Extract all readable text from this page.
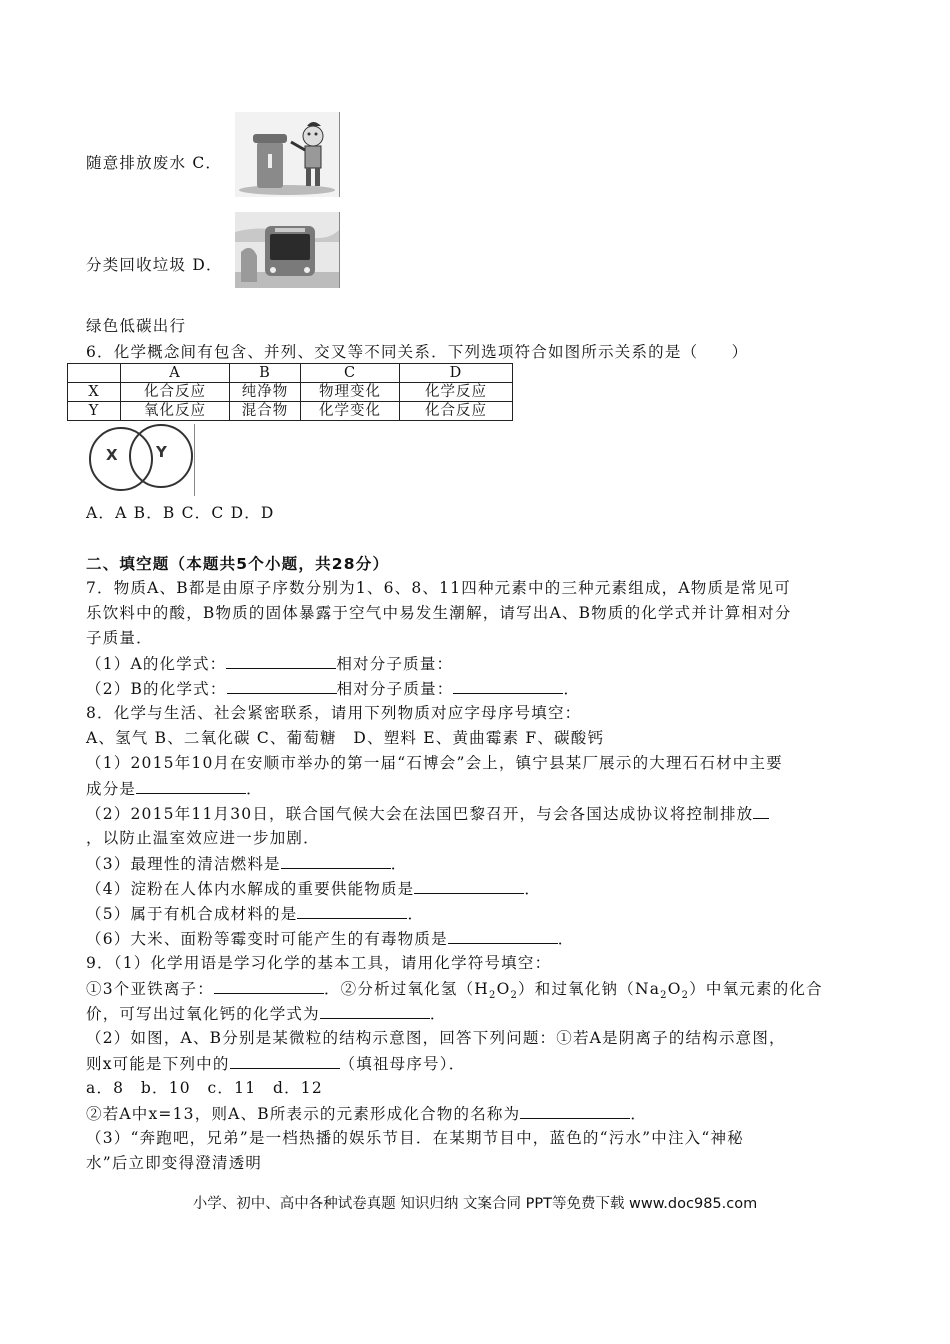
随意排放废水 C．
分类回收垃圾 D．
绿色低碳出行
6．化学概念间有包含、并列、交叉等不同关系．下列选项符合如图所示关系的是（　　）
	A	B	C	D
X	化合反应	纯净物	物理变化	化学反应
Y	氧化反应	混合物	化学变化	化合反应
X	Y
A．A B．B C．C D．D
二、填空题（本题共5个小题，共28分）
7．物质A、B都是由原子序数分别为1、6、8、11四种元素中的三种元素组成，A物质是常见可
乐饮料中的酸，B物质的固体暴露于空气中易发生潮解，请写出A、B物质的化学式并计算相对分
子质量．
（1）A的化学式：	相对分子质量：
（2）B的化学式：	相对分子质量：	．
8．化学与生活、社会紧密联系，请用下列物质对应字母序号填空：
A、氢气 B、二氧化碳 C、葡萄糖　D、塑料 E、黄曲霉素 F、碳酸钙
（1）2015年10月在安顺市举办的第一届“石博会”会上，镇宁县某厂展示的大理石石材中主要
成分是	．
（2）2015年11月30日，联合国气候大会在法国巴黎召开，与会各国达成协议将控制排放
，以防止温室效应进一步加剧．
（3）最理性的清洁燃料是	．
（4）淀粉在人体内水解成的重要供能物质是	．
（5）属于有机合成材料的是	．
（6）大米、面粉等霉变时可能产生的有毒物质是	．
9．（1）化学用语是学习化学的基本工具，请用化学符号填空：
①3个亚铁离子：	．②分析过氧化氢$(H_2O_2)$和过氧化钠$(Na_2O_2)$中氧元素的化合
价，可写出过氧化钙的化学式为	．
（2）如图，A、B分别是某微粒的结构示意图，回答下列问题：①若A是阴离子的结构示意图，
则x可能是下列中的	（填祖母序号）．
a．8　b．10　c．11　d．12
②若A中x=13，则A、B所表示的元素形成化合物的名称为	．
（3）“奔跑吧，兄弟”是一档热播的娱乐节目．在某期节目中，蓝色的“污水”中注入“神秘
水”后立即变得澄清透明
小学、初中、高中各种试卷真题 知识归纳 文案合同 PPT等免费下载 www.doc985.com
